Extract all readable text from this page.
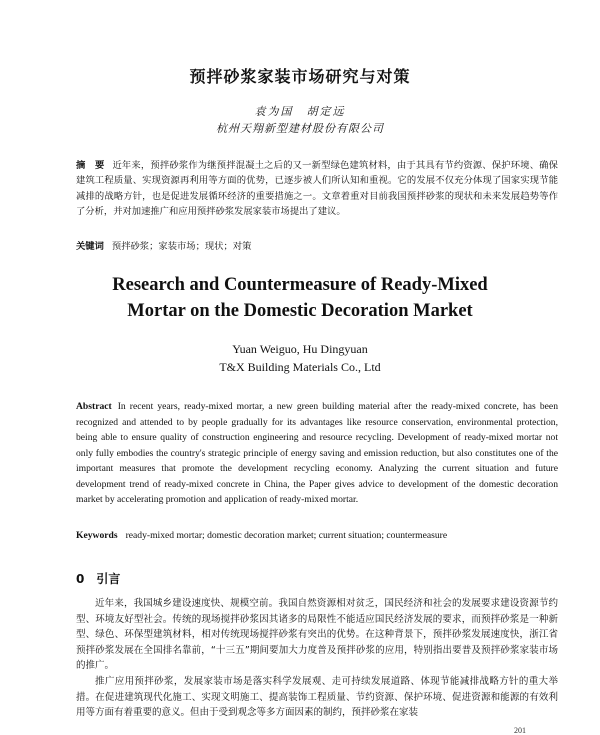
预拌砂浆家装市场研究与对策
袁为国　胡定远
杭州天翔新型建材股份有限公司
摘　要 近年来，预拌砂浆作为继预拌混凝土之后的又一新型绿色建筑材料，由于其具有节约资源、保护环境、确保建筑工程质量、实现资源再利用等方面的优势，已逐步被人们所认知和重视。它的发展不仅充分体现了国家实现节能减排的战略方针，也是促进发展循环经济的重要措施之一。文章着重对目前我国预拌砂浆的现状和未来发展趋势等作了分析，并对加速推广和应用预拌砂浆发展家装市场提出了建议。
关键词 预拌砂浆；家装市场；现状；对策
Research and Countermeasure of Ready-Mixed
Mortar on the Domestic Decoration Market
Yuan Weiguo, Hu Dingyuan
T&X Building Materials Co., Ltd
Abstract In recent years, ready-mixed mortar, a new green building material after the ready-mixed concrete, has been recognized and attended to by people gradually for its advantages like resource conservation, environmental protection, being able to ensure quality of construction engineering and resource recycling. Development of ready-mixed mortar not only fully embodies the country's strategic principle of energy saving and emission reduction, but also constitutes one of the important measures that promote the development recycling economy. Analyzing the current situation and future development trend of ready-mixed concrete in China, the Paper gives advice to development of the domestic decoration market by accelerating promotion and application of ready-mixed mortar.
Keywords ready-mixed mortar; domestic decoration market; current situation; countermeasure
0 引言

近年来，我国城乡建设速度快、规模空前。我国自然资源相对贫乏，国民经济和社会的发展要求建设资源节约型、环境友好型社会。传统的现场搅拌砂浆因其诸多的局限性不能适应国民经济发展的要求，而预拌砂浆是一种新型、绿色、环保型建筑材料，相对传统现场搅拌砂浆有突出的优势。在这种背景下，预拌砂浆发展速度快，浙江省预拌砂浆发展在全国排名靠前，“十三五”期间要加大力度普及预拌砂浆的应用，特别指出要普及预拌砂浆家装市场的推广。

推广应用预拌砂浆，发展家装市场是落实科学发展观、走可持续发展道路、体现节能减排战略方针的重大举措。在促进建筑现代化施工、实现文明施工、提高装饰工程质量、节约资源、保护环境、促进资源和能源的有效利用等方面有着重要的意义。但由于受到观念等多方面因素的制约，预拌砂浆在家装

201
